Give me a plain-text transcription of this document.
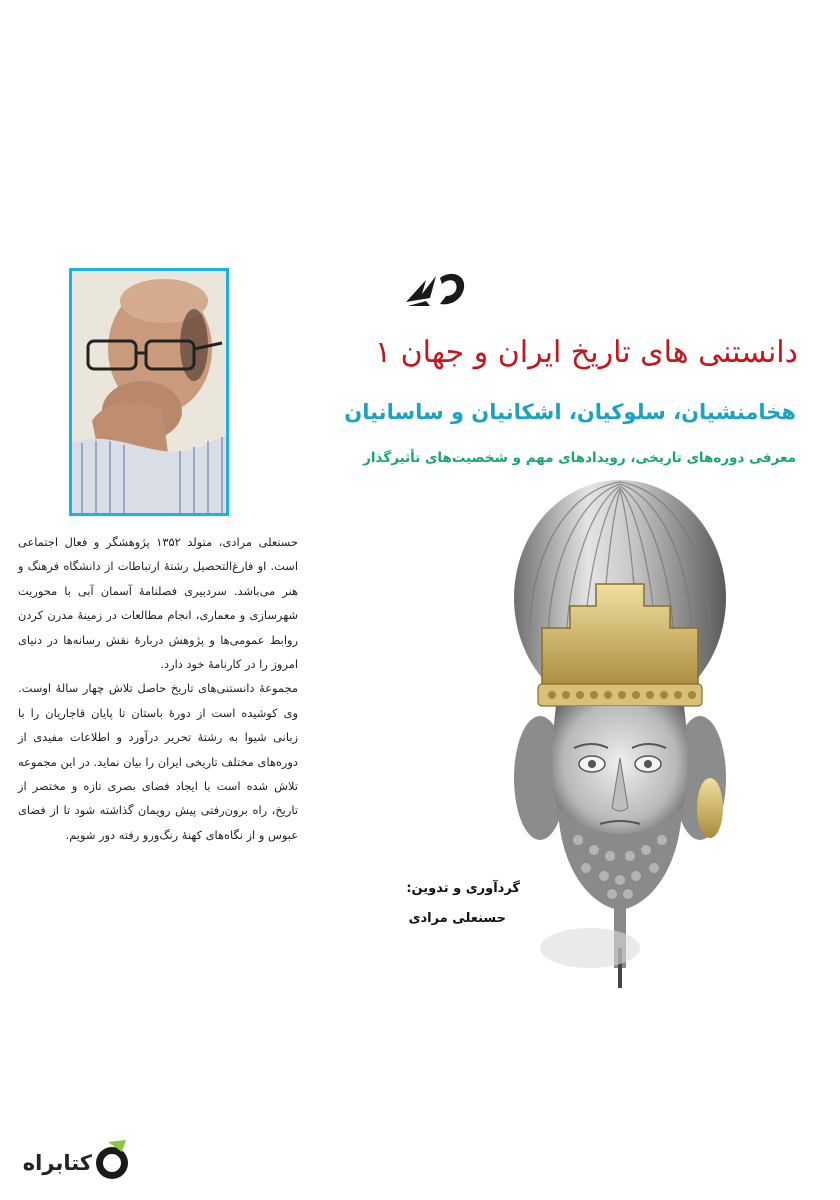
دانستنی های تاریخ ایران و جهان ۱
هخامنشیان، سلوکیان، اشکانیان و ساسانیان
معرفی دوره‌های تاریخی، رویدادهای مهم و شخصیت‌های تأثیرگذار
گردآوری و تدوین:
حسنعلی مرادی

حسنعلی مرادی، متولد ۱۳۵۲ پژوهشگر و فعال اجتماعی است. او فارغ‌التحصیل رشتهٔ ارتباطات از دانشگاه فرهنگ و هنر می‌باشد. سردبیری فصلنامهٔ آسمان آبی با محوریت شهرسازی و معماری، انجام مطالعات در زمینهٔ مدرن کردن روابط عمومی‌ها و پژوهش دربارهٔ نقش رسانه‌ها در دنیای امروز را در کارنامهٔ خود دارد.

مجموعهٔ دانستنی‌های تاریخ حاصل تلاش چهار سالهٔ اوست. وی کوشیده است از دورهٔ باستان تا پایان قاجاریان را با زبانی شیوا به رشتهٔ تحریر درآورد و اطلاعات مفیدی از دوره‌های مختلف تاریخی ایران را بیان نماید. در این مجموعه تلاش شده است با ایجاد فضای بصری تازه و مختصر از تاریخ، راه برون‌رفتی پیش رویمان گذاشته شود تا از فضای عبوس و از نگاه‌های کهنهٔ رنگ‌ورو رفته دور شویم.

کتابراه
